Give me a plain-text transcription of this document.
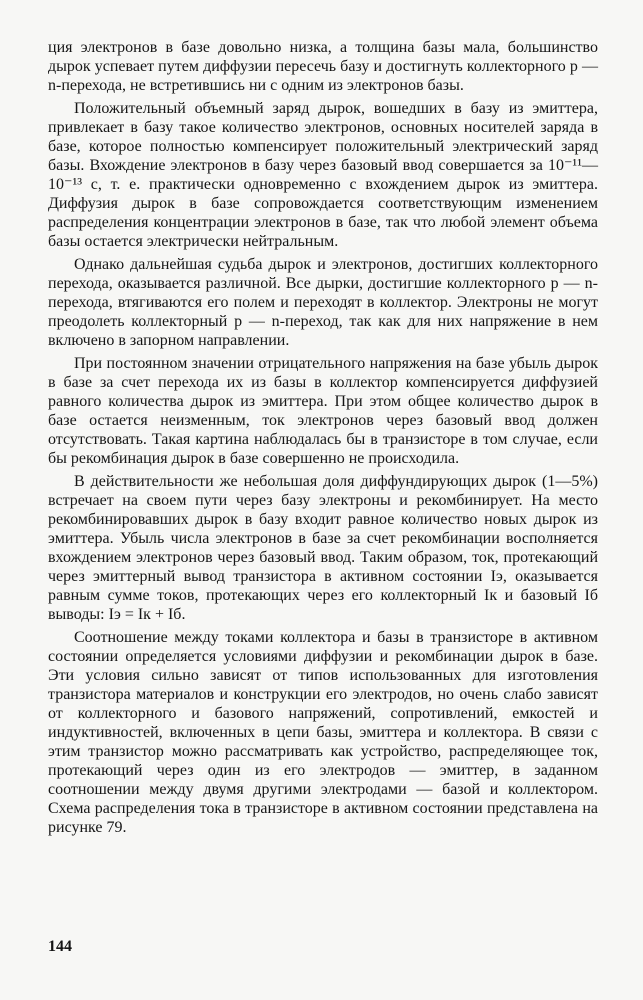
ция электронов в базе довольно низка, а толщина базы мала, большинство дырок успевает путем диффузии пересечь базу и достигнуть коллекторного p — n-перехода, не встретившись ни с одним из электронов базы.

Положительный объемный заряд дырок, вошедших в базу из эмиттера, привлекает в базу такое количество электронов, основных носителей заряда в базе, которое полностью компенсирует положительный электрический заряд базы. Вхождение электронов в базу через базовый ввод совершается за 10⁻¹¹—10⁻¹³ с, т. е. практически одновременно с вхождением дырок из эмиттера. Диффузия дырок в базе сопровождается соответствующим изменением распределения концентрации электронов в базе, так что любой элемент объема базы остается электрически нейтральным.

Однако дальнейшая судьба дырок и электронов, достигших коллекторного перехода, оказывается различной. Все дырки, достигшие коллекторного p — n-перехода, втягиваются его полем и переходят в коллектор. Электроны не могут преодолеть коллекторный p — n-переход, так как для них напряжение в нем включено в запорном направлении.

При постоянном значении отрицательного напряжения на базе убыль дырок в базе за счет перехода их из базы в коллектор компенсируется диффузией равного количества дырок из эмиттера. При этом общее количество дырок в базе остается неизменным, ток электронов через базовый ввод должен отсутствовать. Такая картина наблюдалась бы в транзисторе в том случае, если бы рекомбинация дырок в базе совершенно не происходила.

В действительности же небольшая доля диффундирующих дырок (1—5%) встречает на своем пути через базу электроны и рекомбинирует. На место рекомбинировавших дырок в базу входит равное количество новых дырок из эмиттера. Убыль числа электронов в базе за счет рекомбинации восполняется вхождением электронов через базовый ввод. Таким образом, ток, протекающий через эмиттерный вывод транзистора в активном состоянии Iэ, оказывается равным сумме токов, протекающих через его коллекторный Iк и базовый Iб выводы: Iэ = Iк + Iб.

Соотношение между токами коллектора и базы в транзисторе в активном состоянии определяется условиями диффузии и рекомбинации дырок в базе. Эти условия сильно зависят от типов использованных для изготовления транзистора материалов и конструкции его электродов, но очень слабо зависят от коллекторного и базового напряжений, сопротивлений, емкостей и индуктивностей, включенных в цепи базы, эмиттера и коллектора. В связи с этим транзистор можно рассматривать как устройство, распределяющее ток, протекающий через один из его электродов — эмиттер, в заданном соотношении между двумя другими электродами — базой и коллектором. Схема распределения тока в транзисторе в активном состоянии представлена на рисунке 79.

144
